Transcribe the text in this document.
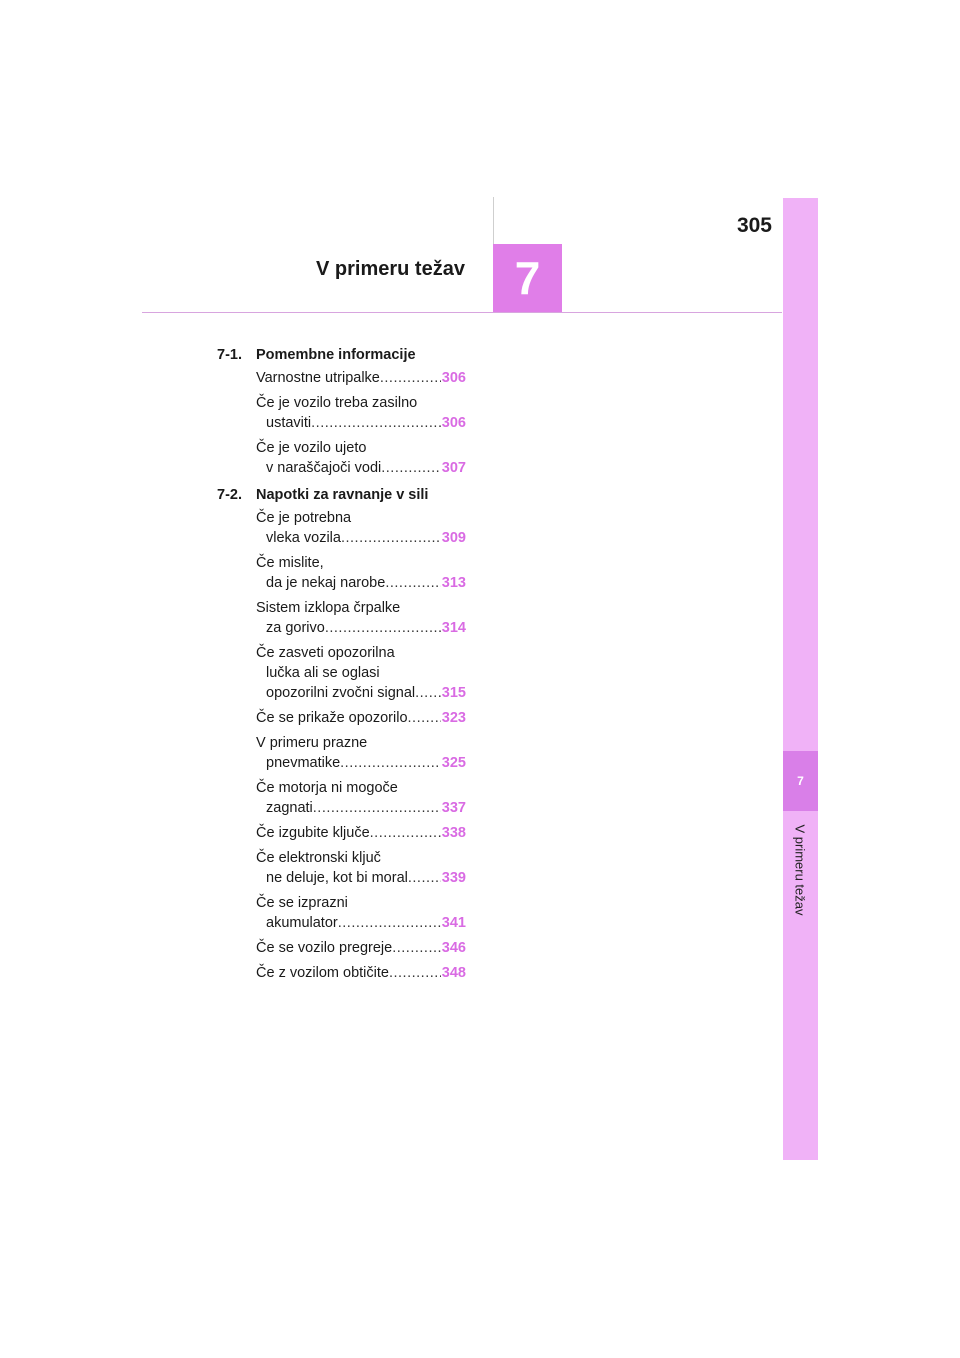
305
V primeru težav	7
7
V primeru težav
7-1. Pomembne informacije
Varnostne utripalke .....	306
Če je vozilo treba zasilno
ustaviti .....	306
Če je vozilo ujeto
v naraščajoči vodi .....	307
7-2. Napotki za ravnanje v sili
Če je potrebna
vleka vozila .....	309
Če mislite,
da je nekaj narobe .....	313
Sistem izklopa črpalke
za gorivo .....	314
Če zasveti opozorilna
lučka ali se oglasi
opozorilni zvočni signal ..... 315
Če se prikaže opozorilo ..... 323
V primeru prazne
pnevmatike .....	325
Če motorja ni mogoče
zagnati .....	337
Če izgubite ključe .....	338
Če elektronski ključ
ne deluje, kot bi moral ..... 339
Če se izprazni
akumulator .....	341
Če se vozilo pregreje .....	346
Če z vozilom obtičite .....	348
